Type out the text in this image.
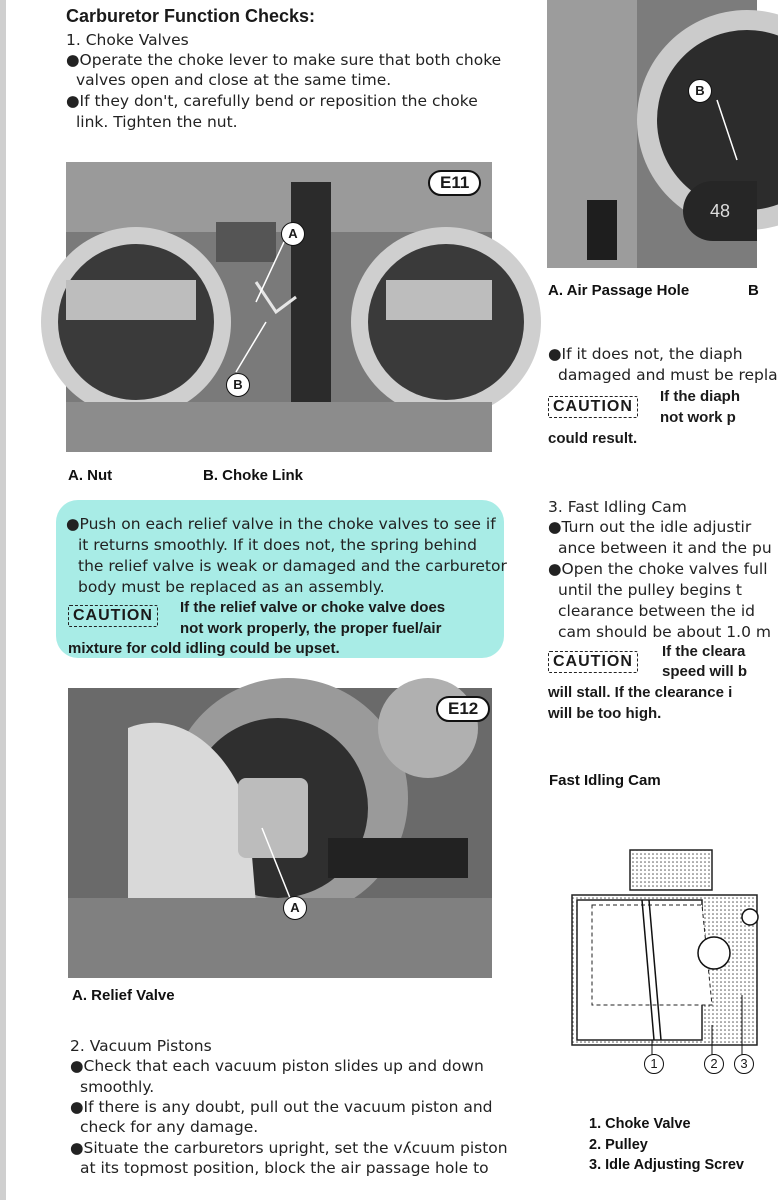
Carburetor Function Checks:
1. Choke Valves
●Operate the choke lever to make sure that both choke
valves open and close at the same time.
●If they don't, carefully bend or reposition the choke
link. Tighten the nut.
E11
A
B
A. Nut	B. Choke Link
●Push on each relief valve in the choke valves to see if
it returns smoothly. If it does not, the spring behind
the relief valve is weak or damaged and the carburetor
body must be replaced as an assembly.
CAUTION	If the relief valve or choke valve does
not work properly, the proper fuel/air
mixture for cold idling could be upset.
E12
A
A. Relief Valve
2. Vacuum Pistons
●Check that each vacuum piston slides up and down
smoothly.
●If there is any doubt, pull out the vacuum piston and
check for any damage.
●Situate the carburetors upright, set the vʎcuum piston
at its topmost position, block the air passage hole to
B
48
A. Air Passage Hole	B
●If it does not, the diaph
damaged and must be repla
CAUTION
If the diaph
not work p
could result.
3. Fast Idling Cam
●Turn out the idle adjustir
ance between it and the pu
●Open the choke valves full
until the pulley begins t
clearance between the id
cam should be about 1.0 m
CAUTION
If the cleara
speed will b
will stall. If the clearance i
will be too high.
Fast Idling Cam
1	2	3
1. Choke Valve
2. Pulley
3. Idle Adjusting Screv
